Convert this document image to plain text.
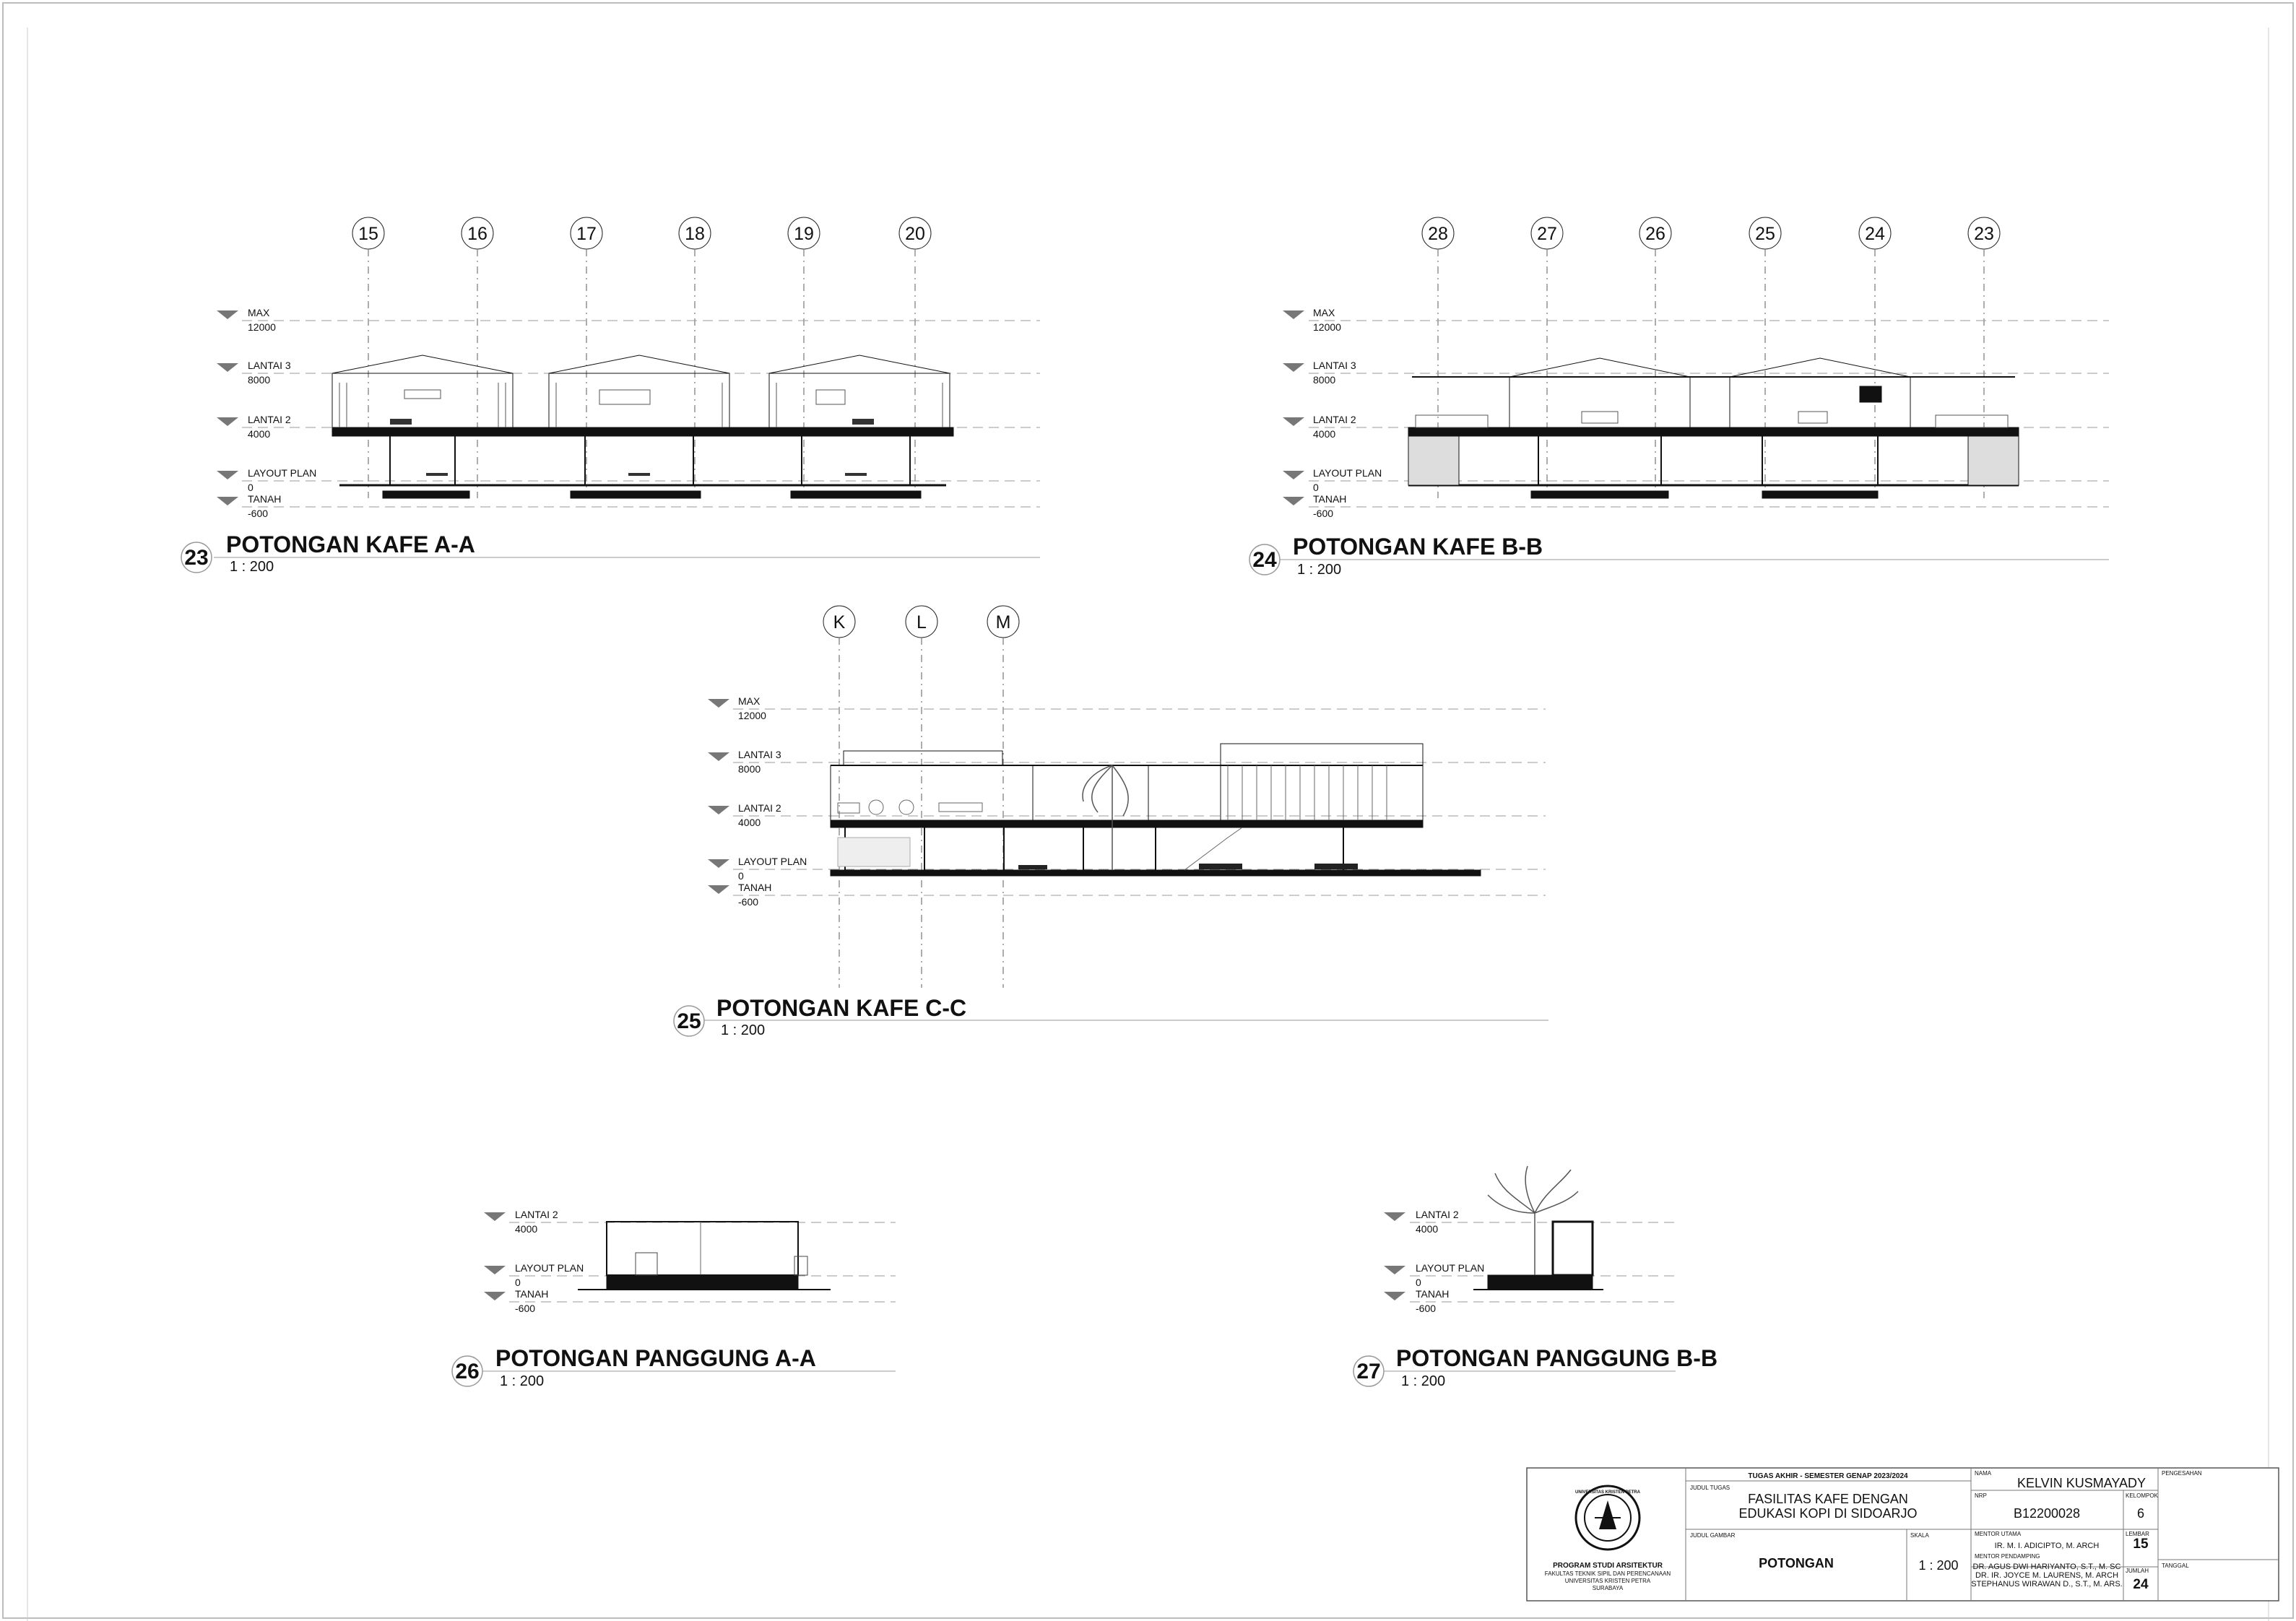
15	16	17	18	19	20
MAX
12000
LANTAI 3
8000
LANTAI 2
4000
LAYOUT PLAN
0
TANAH
-600
23
POTONGAN KAFE A-A
1 : 200
28	27	26	25	24	23
MAX
12000
LANTAI 3
8000
LANTAI 2
4000
LAYOUT PLAN
0
TANAH
-600
24
POTONGAN KAFE B-B
1 : 200
K	L	M
MAX
12000
LANTAI 3
8000
LANTAI 2
4000
LAYOUT PLAN
0
TANAH
-600
25
POTONGAN KAFE C-C
1 : 200
LANTAI 2
4000
LAYOUT PLAN
0
TANAH
-600
26
POTONGAN PANGGUNG A-A
1 : 200
LANTAI 2
4000
LAYOUT PLAN
0
TANAH
-600
27
POTONGAN PANGGUNG B-B
1 : 200
UNIVERSITAS KRISTEN PETRA
PROGRAM STUDI ARSITEKTUR
FAKULTAS TEKNIK SIPIL DAN PERENCANAAN
UNIVERSITAS KRISTEN PETRA
SURABAYA
TUGAS AKHIR - SEMESTER GENAP 2023/2024
JUDUL TUGAS
FASILITAS KAFE DENGAN
EDUKASI KOPI DI SIDOARJO
JUDUL GAMBAR
POTONGAN
SKALA
1 : 200
NAMA
KELVIN KUSMAYADY
NRP
B12200028
KELOMPOK
6
MENTOR UTAMA
IR. M. I. ADICIPTO, M. ARCH
LEMBAR
15
MENTOR PENDAMPING
DR. AGUS DWI HARIYANTO, S.T., M. SC
DR. IR. JOYCE M. LAURENS, M. ARCH
STEPHANUS WIRAWAN D., S.T., M. ARS.
JUMLAH
24
PENGESAHAN
TANGGAL
